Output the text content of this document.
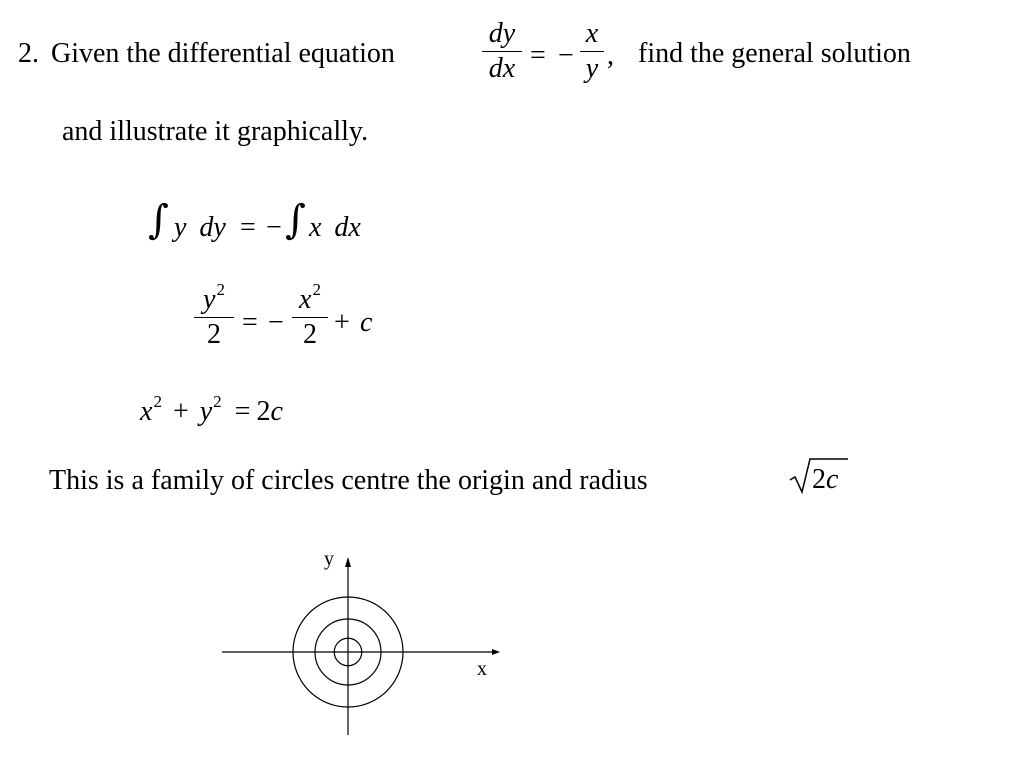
2. Given the differential equation
dy
dx = −
x
y , find the general solution
and illustrate it graphically.
∫ y dy = − ∫ x dx
$y^2$
2 = −
$x^2$
2 + c
$x^2 + y^2 = 2c$
This is a family of circles centre the origin and radius	2c
x
y
